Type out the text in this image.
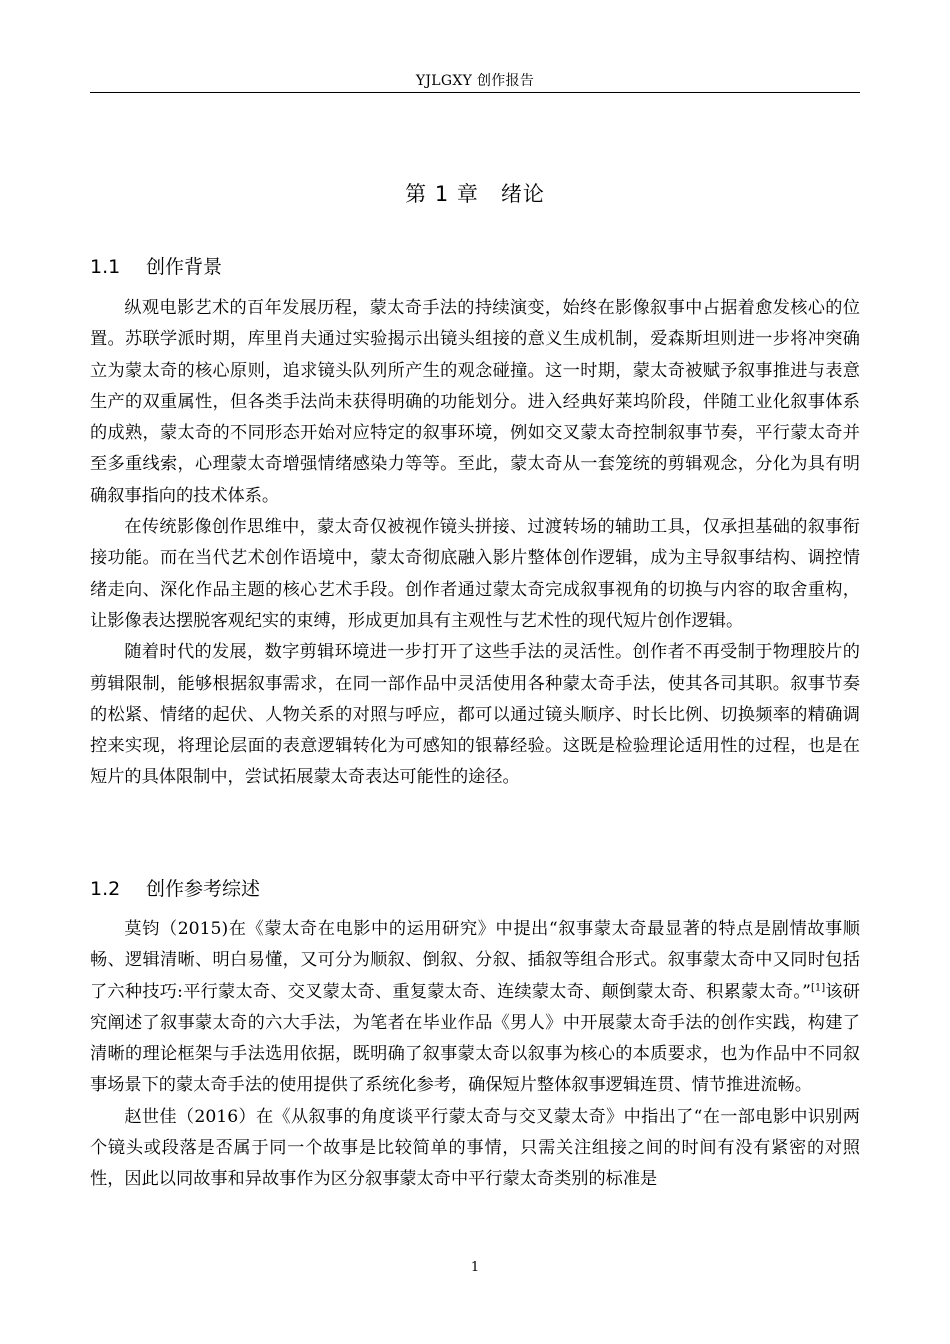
YJLGXY 创作报告
第 1 章　绪论
1.1 创作背景

纵观电影艺术的百年发展历程，蒙太奇手法的持续演变，始终在影像叙事中占据着愈发核心的位置。苏联学派时期，库里肖夫通过实验揭示出镜头组接的意义生成机制，爱森斯坦则进一步将冲突确立为蒙太奇的核心原则，追求镜头队列所产生的观念碰撞。这一时期，蒙太奇被赋予叙事推进与表意生产的双重属性，但各类手法尚未获得明确的功能划分。进入经典好莱坞阶段，伴随工业化叙事体系的成熟，蒙太奇的不同形态开始对应特定的叙事环境，例如交叉蒙太奇控制叙事节奏，平行蒙太奇并至多重线索，心理蒙太奇增强情绪感染力等等。至此，蒙太奇从一套笼统的剪辑观念，分化为具有明确叙事指向的技术体系。

在传统影像创作思维中，蒙太奇仅被视作镜头拼接、过渡转场的辅助工具，仅承担基础的叙事衔接功能。而在当代艺术创作语境中，蒙太奇彻底融入影片整体创作逻辑，成为主导叙事结构、调控情绪走向、深化作品主题的核心艺术手段。创作者通过蒙太奇完成叙事视角的切换与内容的取舍重构，让影像表达摆脱客观纪实的束缚，形成更加具有主观性与艺术性的现代短片创作逻辑。

随着时代的发展，数字剪辑环境进一步打开了这些手法的灵活性。创作者不再受制于物理胶片的剪辑限制，能够根据叙事需求，在同一部作品中灵活使用各种蒙太奇手法，使其各司其职。叙事节奏的松紧、情绪的起伏、人物关系的对照与呼应，都可以通过镜头顺序、时长比例、切换频率的精确调控来实现，将理论层面的表意逻辑转化为可感知的银幕经验。这既是检验理论适用性的过程，也是在短片的具体限制中，尝试拓展蒙太奇表达可能性的途径。

1.2 创作参考综述

莫钧（2015)在《蒙太奇在电影中的运用研究》中提出“叙事蒙太奇最显著的特点是剧情故事顺畅、逻辑清晰、明白易懂，又可分为顺叙、倒叙、分叙、插叙等组合形式。叙事蒙太奇中又同时包括了六种技巧:平行蒙太奇、交叉蒙太奇、重复蒙太奇、连续蒙太奇、颠倒蒙太奇、积累蒙太奇。”[1]该研究阐述了叙事蒙太奇的六大手法，为笔者在毕业作品《男人》中开展蒙太奇手法的创作实践，构建了清晰的理论框架与手法选用依据，既明确了叙事蒙太奇以叙事为核心的本质要求，也为作品中不同叙事场景下的蒙太奇手法的使用提供了系统化参考，确保短片整体叙事逻辑连贯、情节推进流畅。

赵世佳（2016）在《从叙事的角度谈平行蒙太奇与交叉蒙太奇》中指出了“在一部电影中识别两个镜头或段落是否属于同一个故事是比较简单的事情，只需关注组接之间的时间有没有紧密的对照性，因此以同故事和异故事作为区分叙事蒙太奇中平行蒙太奇类别的标准是

1
